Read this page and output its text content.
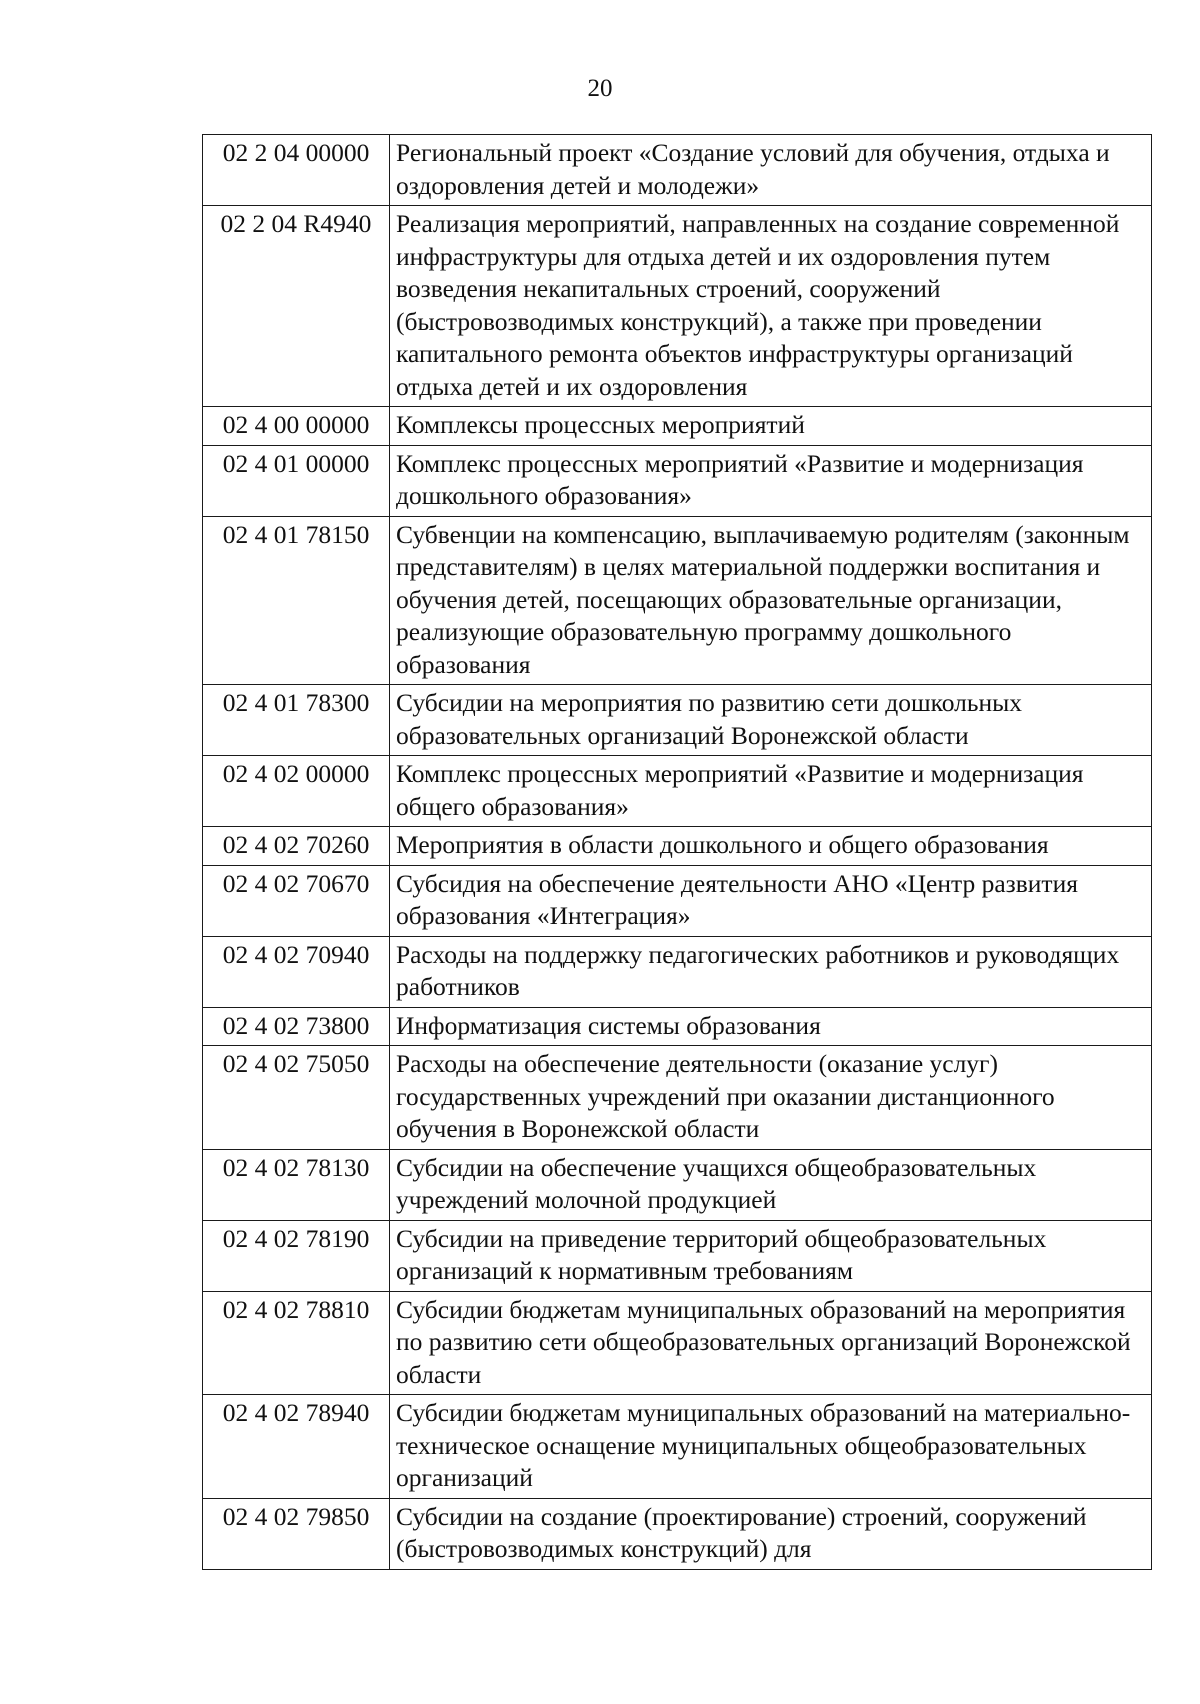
20
02 2 04 00000	Региональный проект «Создание условий для обучения, отдыха и оздоровления детей и молодежи»
02 2 04 R4940	Реализация мероприятий, направленных на создание современной инфраструктуры для отдыха детей и их оздоровления путем возведения некапитальных строений, сооружений (быстровозводимых конструкций), а также при проведении капитального ремонта объектов инфраструктуры организаций отдыха детей и их оздоровления
02 4 00 00000	Комплексы процессных мероприятий
02 4 01 00000	Комплекс процессных мероприятий «Развитие и модернизация дошкольного образования»
02 4 01 78150	Субвенции на компенсацию, выплачиваемую родителям (законным представителям) в целях материальной поддержки воспитания и обучения детей, посещающих образовательные организации, реализующие образовательную программу дошкольного образования
02 4 01 78300	Субсидии на мероприятия по развитию сети дошкольных образовательных организаций Воронежской области
02 4 02 00000	Комплекс процессных мероприятий «Развитие и модернизация общего образования»
02 4 02 70260	Мероприятия в области дошкольного и общего образования
02 4 02 70670	Субсидия на обеспечение деятельности АНО «Центр развития образования «Интеграция»
02 4 02 70940	Расходы на поддержку педагогических работников и руководящих работников
02 4 02 73800	Информатизация системы образования
02 4 02 75050	Расходы на обеспечение деятельности (оказание услуг) государственных учреждений при оказании дистанционного обучения в Воронежской области
02 4 02 78130	Субсидии на обеспечение учащихся общеобразовательных учреждений молочной продукцией
02 4 02 78190	Субсидии на приведение территорий общеобразовательных организаций к нормативным требованиям
02 4 02 78810	Субсидии бюджетам муниципальных образований на мероприятия по развитию сети общеобразовательных организаций Воронежской области
02 4 02 78940	Субсидии бюджетам муниципальных образований на материально-техническое оснащение муниципальных общеобразовательных организаций
02 4 02 79850	Субсидии на создание (проектирование) строений, сооружений (быстровозводимых конструкций) для
